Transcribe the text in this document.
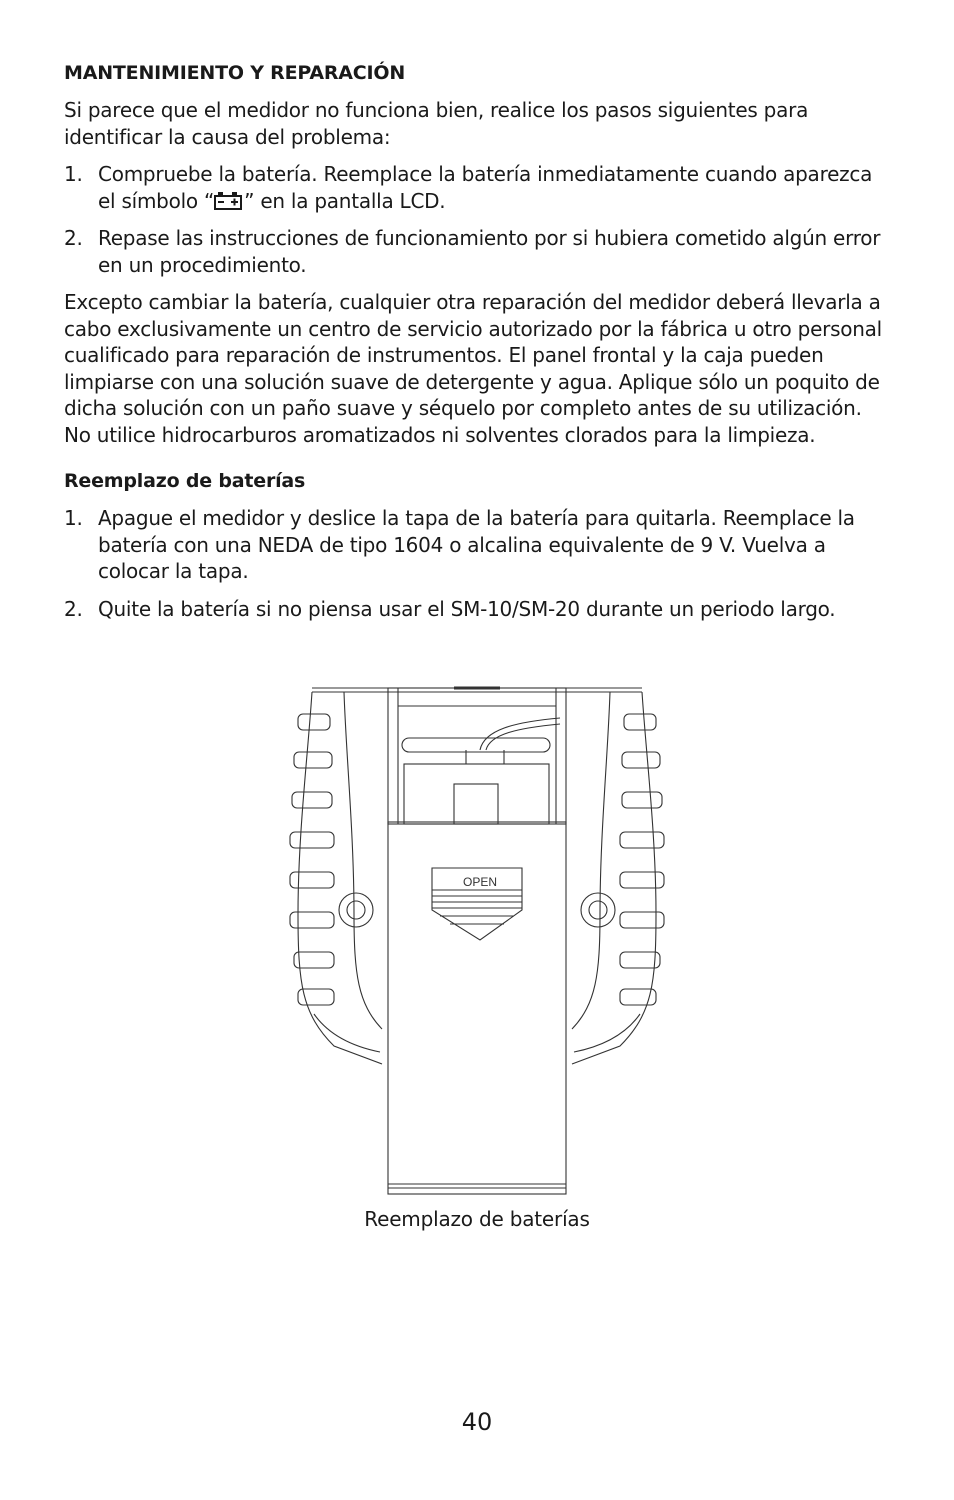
MANTENIMIENTO Y REPARACIÓN

Si parece que el medidor no funciona bien, realice los pasos siguientes para identificar la causa del problema:

1. Compruebe la batería. Reemplace la batería inmediatamente cuando aparezca el símbolo “ ” en la pantalla LCD.
2. Repase las instrucciones de funcionamiento por si hubiera cometido algún error en un procedimiento.

Excepto cambiar la batería, cualquier otra reparación del medidor deberá llevarla a cabo exclusivamente un centro de servicio autorizado por la fábrica u otro personal cualificado para reparación de instrumentos. El panel frontal y la caja pueden limpiarse con una solución suave de detergente y agua. Aplique sólo un poquito de dicha solución con un paño suave y séquelo por completo antes de su utilización. No utilice hidrocarburos aromatizados ni solventes clorados para la limpieza.

Reemplazo de baterías
1. Apague el medidor y deslice la tapa de la batería para quitarla. Reemplace la batería con una NEDA de tipo 1604 o alcalina equivalente de 9 V. Vuelva a colocar la tapa.
2. Quite la batería si no piensa usar el SM-10/SM-20 durante un periodo largo.
OPEN
Reemplazo de baterías
40
